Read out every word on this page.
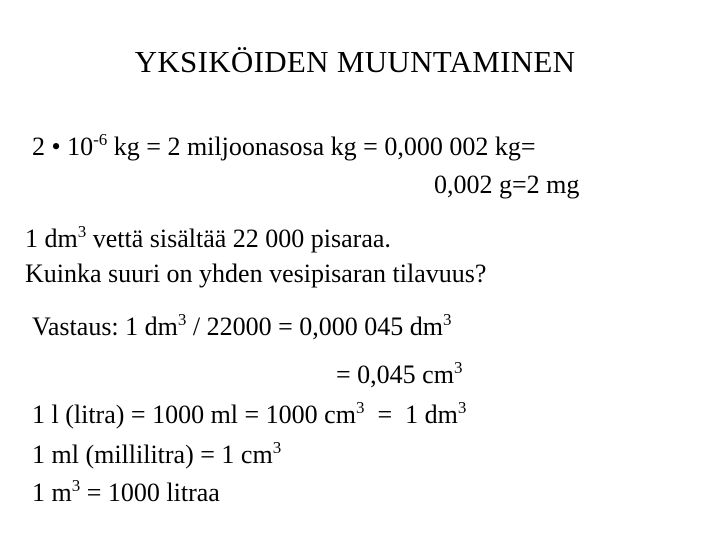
YKSIKÖIDEN MUUNTAMINEN
2 • $10^{-6}$ kg = 2 miljoonasosa kg = 0,000 002 kg=
0,002 g=2 mg
1 $dm^3$ vettä sisältää 22 000 pisaraa.
Kuinka suuri on yhden vesipisaran tilavuus?
Vastaus: 1 $dm^3 / 22000 = 0,000$ 045 $dm^3$
= 0,045 $cm^3$
1 l (litra) = 1000 ml = 1000 $cm^3 = 1$ $dm^3$
1 ml (millilitra) = 1 $cm^3$
1 $m^3 = 1000$ litraa
